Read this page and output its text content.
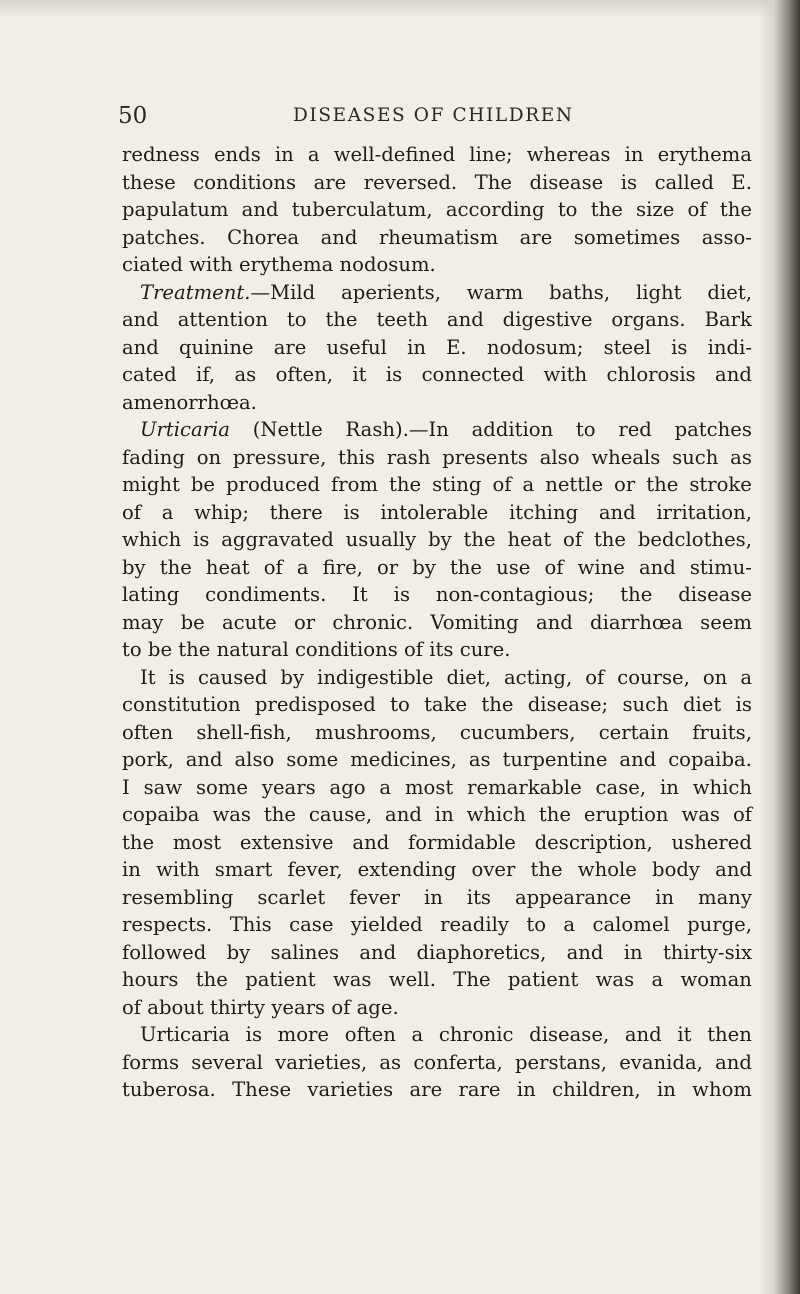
50	DISEASES OF CHILDREN
redness ends in a well-defined line; whereas in erythema
these conditions are reversed. The disease is called E.
papulatum and tuberculatum, according to the size of the
patches. Chorea and rheumatism are sometimes asso-
ciated with erythema nodosum.
Treatment.—Mild aperients, warm baths, light diet,
and attention to the teeth and digestive organs. Bark
and quinine are useful in E. nodosum; steel is indi-
cated if, as often, it is connected with chlorosis and
amenorrhœa.
Urticaria (Nettle Rash).—In addition to red patches
fading on pressure, this rash presents also wheals such as
might be produced from the sting of a nettle or the stroke
of a whip; there is intolerable itching and irritation,
which is aggravated usually by the heat of the bedclothes,
by the heat of a fire, or by the use of wine and stimu-
lating condiments. It is non-contagious; the disease
may be acute or chronic. Vomiting and diarrhœa seem
to be the natural conditions of its cure.
It is caused by indigestible diet, acting, of course, on a
constitution predisposed to take the disease; such diet is
often shell-fish, mushrooms, cucumbers, certain fruits,
pork, and also some medicines, as turpentine and copaiba.
I saw some years ago a most remarkable case, in which
copaiba was the cause, and in which the eruption was of
the most extensive and formidable description, ushered
in with smart fever, extending over the whole body and
resembling scarlet fever in its appearance in many
respects. This case yielded readily to a calomel purge,
followed by salines and diaphoretics, and in thirty-six
hours the patient was well. The patient was a woman
of about thirty years of age.
Urticaria is more often a chronic disease, and it then
forms several varieties, as conferta, perstans, evanida, and
tuberosa. These varieties are rare in children, in whom
